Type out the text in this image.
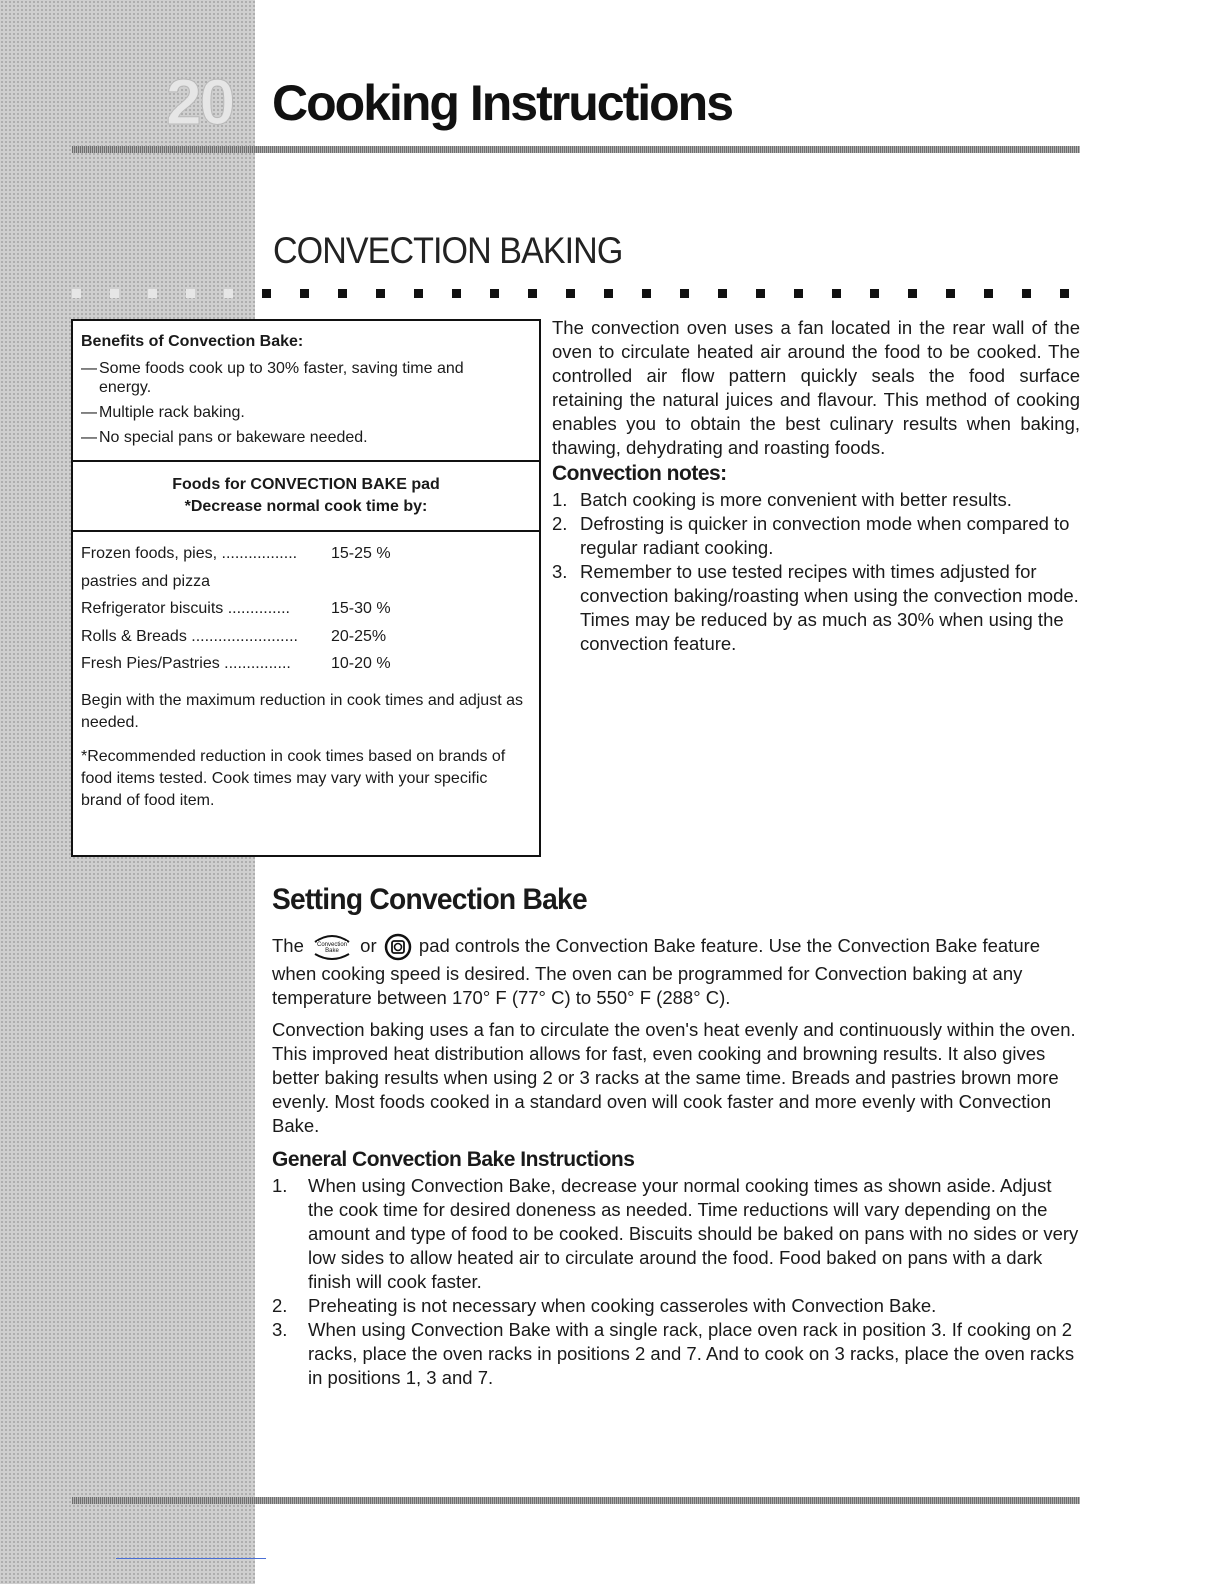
20 Cooking Instructions
CONVECTION BAKING
Benefits of Convection Bake:
— Some foods cook up to 30% faster, saving time and
energy.
— Multiple rack baking.
— No special pans or bakeware needed.
Foods for CONVECTION BAKE pad
*Decrease normal cook time by:
Frozen foods, pies, .................	15-25 %
pastries and pizza
Refrigerator biscuits ..............	15-30 %
Rolls & Breads ........................	20-25%
Fresh Pies/Pastries ...............	10-20 %

Begin with the maximum reduction in cook times and adjust as needed.

*Recommended reduction in cook times based on brands of food items tested. Cook times may vary with your specific brand of food item.

The convection oven uses a fan located in the rear wall of the oven to circulate heated air around the food to be cooked. The controlled air flow pattern quickly seals the food surface retaining the natural juices and flavour. This method of cooking enables you to obtain the best culinary results when baking, thawing, dehydrating and roasting foods.

Convection notes:
1. Batch cooking is more convenient with better results.
2. Defrosting is quicker in convection mode when compared to regular radiant cooking.
3. Remember to use tested recipes with times adjusted for convection baking/roasting when using the convection mode. Times may be reduced by as much as 30% when using the convection feature.
Setting Convection Bake

The Convection
Bake or pad controls the Convection Bake feature. Use the Convection Bake feature when cooking speed is desired. The oven can be programmed for Convection baking at any temperature between 170° F (77° C) to 550° F (288° C).

Convection baking uses a fan to circulate the oven's heat evenly and continuously within the oven. This improved heat distribution allows for fast, even cooking and browning results. It also gives better baking results when using 2 or 3 racks at the same time. Breads and pastries brown more evenly. Most foods cooked in a standard oven will cook faster and more evenly with Convection Bake.

General Convection Bake Instructions
1.	When using Convection Bake, decrease your normal cooking times as shown aside. Adjust the cook time for desired doneness as needed. Time reductions will vary depending on the amount and type of food to be cooked. Biscuits should be baked on pans with no sides or very low sides to allow heated air to circulate around the food. Food baked on pans with a dark finish will cook faster.
2.	Preheating is not necessary when cooking casseroles with Convection Bake.
3.	When using Convection Bake with a single rack, place oven rack in position 3. If cooking on 2 racks, place the oven racks in positions 2 and 7. And to cook on 3 racks, place the oven racks in positions 1, 3 and 7.
